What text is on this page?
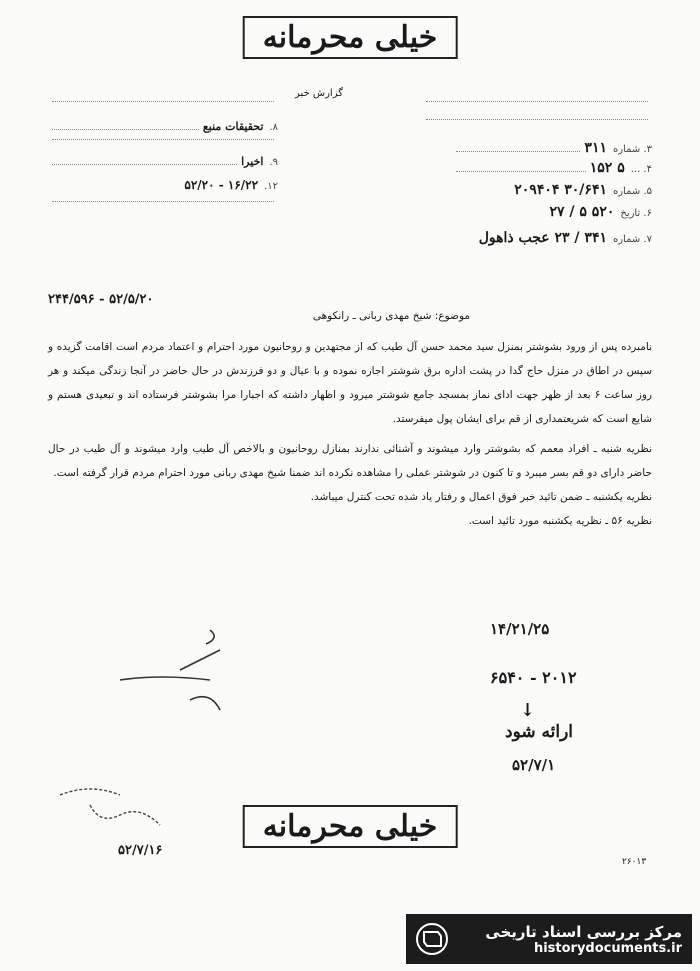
خیلی محرمانه
گزارش خبر
۳. شماره
۳۱۱
۴. ...
۵ ۱۵۲
۵. شماره
۳۰/۶۴۱ ۲۰۹۴۰۴
۶. تاریخ
۵۲۰ ۵ / ۲۷
۷. شماره
۳۴۱ / ۲۳ عجب ذاهول
۸.
تحقیقات منبع
۹.
اخیرا
۱۲.
۱۶/۲۲ - ۵۲/۲۰
۵۲/۵/۲۰ - ۲۴۴/۵۹۶
موضوع: شیخ مهدی ربانی ـ رانکوهی

نامبرده پس از ورود بشوشتر بمنزل سید محمد حسن آل طیب که از مجتهدین و روحانیون مورد احترام و اعتماد مردم است اقامت گزیده و سپس در اطاق در منزل حاج گدا در پشت اداره برق شوشتر اجاره نموده و با عیال و دو فرزندش در حال حاضر در آنجا زندگی میکند و هر روز ساعت ۶ بعد از ظهر جهت ادای نماز بمسجد جامع شوشتر میرود و اظهار داشته که اجبارا مرا بشوشتر فرستاده اند و تبعیدی هستم و شایع است که شریعتمداری از قم برای ایشان پول میفرستد.

نظریه شنبه ـ افراد معمم که بشوشتر وارد میشوند و آشنائی ندارند بمنازل روحانیون و بالاخص آل طیب وارد میشوند و آل طیب در حال حاضر دارای دو قم بسر میبرد و تا کنون در شوشتر عملی را مشاهده نکرده اند ضمنا شیخ مهدی ربانی مورد احترام مردم قرار گرفته است.

نظریه یکشنبه ـ ضمن تائید خبر فوق اعمال و رفتار یاد شده تحت کنترل میباشد.

نظریه ۵۶ ـ نظریه یکشنبه مورد تائید است.

۱۴/۲۱/۲۵
۲۰۱۲ - ۶۵۴۰
↓
ارائه شود
۵۲/۷/۱
۵۲/۷/۱۶
۲۶۰۱۳
خیلی محرمانه
مرکز بررسی اسناد تاریخی
historydocuments.ir
